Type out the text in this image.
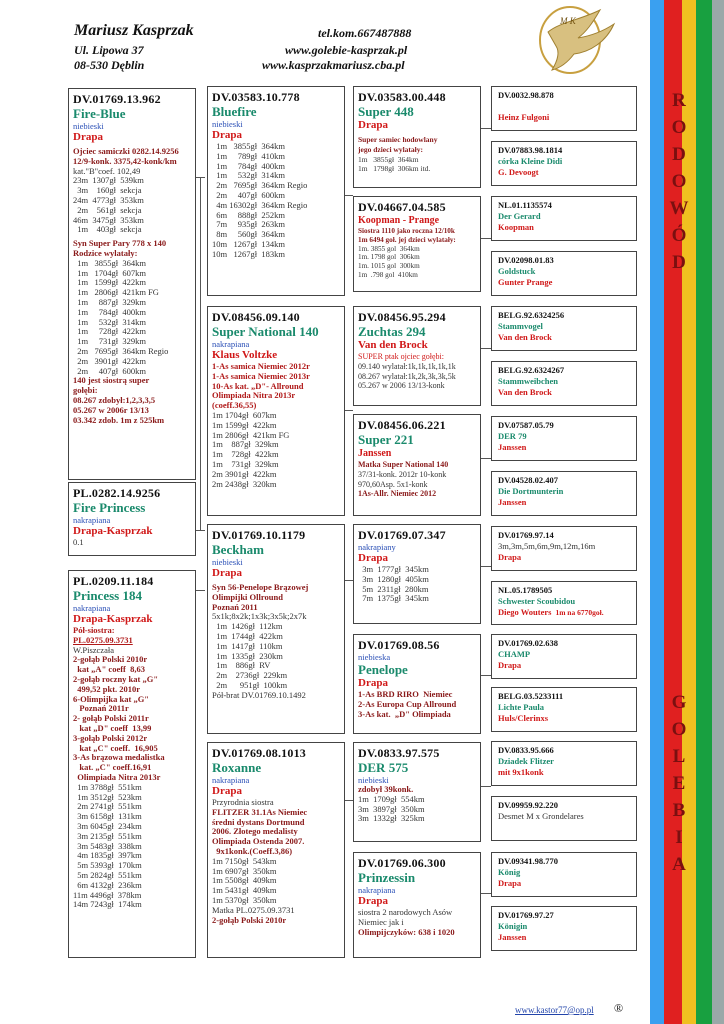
Mariusz Kasprzak
Ul. Lipowa 37
08-530 Dęblin
tel.kom.667487888
www.golebie-kasprzak.pl
www.kasprzakmariusz.cba.pl
M K
DV.01769.13.962
Fire-Blue
niebieski
Drapa
Ojciec samiczki 0282.14.9256
12/9-konk. 3375,42-konk/km
kat."B"coef. 102,49
23m  1307gł  539km
3m    160gł  sekcja
24m  4773gł  353km
2m    561gł  sekcja
46m  3475gł  353km
1m    403gł  sekcja
Syn Super Pary 778 x 140
Rodzice wylatały:
1m   3855gł  364km
1m   1704gł  607km
1m   1599gł  422km
1m   2806gł  421km FG
1m     887gł  329km
1m     784gł  400km
1m     532gł  314km
1m     728gł  422km
1m     731gł  329km
2m   7695gł  364km Regio
2m   3901gł  422km
2m     407gł  600km
140 jest siostrą super
gołębi:
08.267 zdobył:1,2,3,3,5
05.267 w 2006r 13/13
03.342 zdob. 1m z 525km
PL.0282.14.9256
Fire Princess
nakrapiana
Drapa-Kasprzak
0.1
PL.0209.11.184
Princess 184
nakrapiana
Drapa-Kasprzak
Pół-siostra:
PL.0275.09.3731
W.Piszczała
2-gołąb Polski 2010r
kat „A" coeff  8,63
2-gołąb roczny kat „G"
499,52 pkt. 2010r
6-Olimpijka kat „G"
Poznań 2011r
2- gołąb Polski 2011r
kat „D" coeff  13,99
3-gołąb Polski 2012r
kat „C" coeff.  16,905
3-As brązowa medalistka
kat. „C" coeff.16,91
Olimpiada Nitra 2013r
1m 3788gł  551km
1m 3512gł  523km
2m 2741gł  551km
3m 6158gł  131km
3m 6045gł  234km
3m 2135gł  551km
3m 5483gł  338km
4m 1835gł  397km
5m 5393gł  170km
5m 2824gł  551km
6m 4132gł  236km
11m 4496gł  378km
14m 7243gł  174km
DV.03583.10.778
Bluefire
niebieski
Drapa
1m   3855gł  364km
1m     789gł  410km
1m     784gł  400km
1m     532gł  314km
2m   7695gł  364km Regio
2m     407gł  600km
4m 16302gł  364km Regio
6m     888gł  252km
7m     935gł  263km
8m     560gł  364km
10m   1267gł  134km
10m   1267gł  183km
DV.08456.09.140
Super National 140
nakrapiana
Klaus Voltzke
1-As samica Niemiec 2012r
1-As samica Niemiec 2013r
10-As kat. „D"- Allround
Olimpiada Nitra 2013r
(coeff.36,55)
1m 1704gł  607km
1m 1599gł  422km
1m 2806gł  421km FG
1m    887gł  329km
1m    728gł  422km
1m    731gł  329km
2m 3901gł  422km
2m 2438gł  320km
DV.01769.10.1179
Beckham
niebieski
Drapa
Syn 56-Penelope Brązowej
Olimpijki Ollround
Poznań 2011
5x1k;8x2k;1x3k;3x5k;2x7k
1m  1426gł  112km
1m  1744gł  422km
1m  1417gł  110km
1m  1335gł  230km
1m    886gł  RV
2m    2736gł  229km
2m      951gł  100km
Pół-brat DV.01769.10.1492
DV.01769.08.1013
Roxanne
nakrapiana
Drapa
Przyrodnia siostra
FLITZER 31.1As Niemiec
średni dystans Dortmund
2006. Złotego medalisty
Olimpiada Ostenda 2007.
9x1konk.(Coeff.3,86)
1m 7150gł  543km
1m 6907gł  350km
1m 5508gł  409km
1m 5431gł  409km
1m 5370gł  350km
Matka PL.0275.09.3731
2-gołąb Polski 2010r
DV.03583.00.448
Super 448
Drapa
Super samiec hodowlany
jego dzieci wylatały:
1m   3855gł  364km
1m   1798gł  306km itd.
DV.04667.04.585
Koopman - Prange
Siostra 1110 jako roczna 12/10k
1m 6494 goł. jej dzieci wylatały:
1m. 3855 gol  364km
1m. 1798 gol  306km
1m. 1015 gol  300km
1m  .798 gol  410km
DV.08456.95.294
Zuchtas 294
Van den Brock
SUPER ptak ojciec gołębi:
09.140 wylatał:1k,1k,1k,1k,1k
08.267 wylatał:1k,2k,3k,3k,5k
05.267 w 2006 13/13-konk
DV.08456.06.221
Super 221
Janssen
Matka Super National 140
37/31-konk. 2012r 10-konk
970,60Asp. 5x1-konk
1As-Allr. Niemiec 2012
DV.01769.07.347
nakrapiany
Drapa
3m  1777gł  345km
3m  1280gł  405km
5m  2311gł  280km
7m  1375gł  345km
DV.01769.08.56
niebieska
Penelope
Drapa
1-As BRD RIRO  Niemiec
2-As Europa Cup Allround
3-As kat.  „D" Olimpiada
DV.0833.97.575
DER 575
niebieski
zdobył 39konk.
1m  1709gł  554km
3m  3897gł  350km
3m  1332gł  325km
DV.01769.06.300
Prinzessin
nakrapiana
Drapa
siostra 2 narodowych Asów
Niemiec jak i
Olimpijczyków: 638 i 1020
DV.0032.98.878
Heinz Fulgoni
DV.07883.98.1814
córka Kleine Didi
G. Devoogt
NL.01.1135574
Der Gerard
Koopman
DV.02098.01.83
Goldstuck
Gunter Prange
BELG.92.6324256
Stammvogel
Van den Brock
BELG.92.6324267
Stammweibchen
Van den Brock
DV.07587.05.79
DER 79
Janssen
DV.04528.02.407
Die Dortmunterin
Janssen
DV.01769.97.14
3m,3m,5m,6m,9m,12m,16m
Drapa
NL.05.1789505
Schwester Scoubidou
Diego Wouters 1m na 6770goł.
DV.01769.02.638
CHAMP
Drapa
BELG.03.5233111
Lichte Paula
Huls/Clerinxs
DV.0833.95.666
Dziadek Flitzer
mit 9x1konk
DV.09959.92.220
Desmet M x Grondelares
DV.09341.98.770
König
Drapa
DV.01769.97.27
Königin
Janssen
R
O
D
O
W
Ó
D
G
O
L
E
B
I
A
www.kastor77@op.pl ®
